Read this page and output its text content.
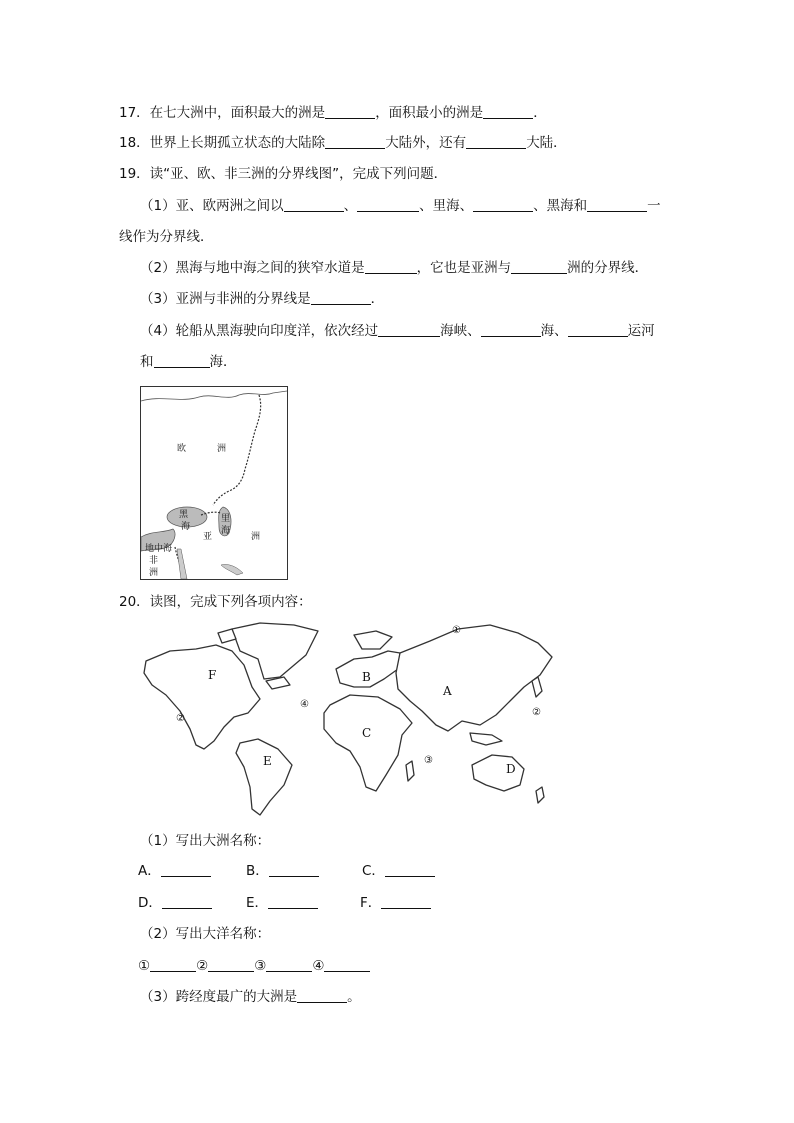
17．在七大洲中，面积最大的洲是	，面积最小的洲是	．
18．世界上长期孤立状态的大陆除	大陆外，还有	大陆．
19．读“亚、欧、非三洲的分界线图”，完成下列问题．
（1）亚、欧两洲之间以	、	、里海、	、黑海和	一
线作为分界线．
（2）黑海与地中海之间的狭窄水道是	，它也是亚洲与	洲的分界线．
（3）亚洲与非洲的分界线是	．
（4）轮船从黑海驶向印度洋，依次经过	海峡、	海、	运河
和	海．
欧	洲
黑
海
里
海
亚	洲
地中海
非
洲
20．读图，完成下列各项内容：
F	B
A
C
E
D
①
②
②
③
④
（1）写出大洲名称：
A．	B．	C．
D．	E．	F．
（2）写出大洋名称：
①	②	③	④
（3）跨经度最广的大洲是	。
